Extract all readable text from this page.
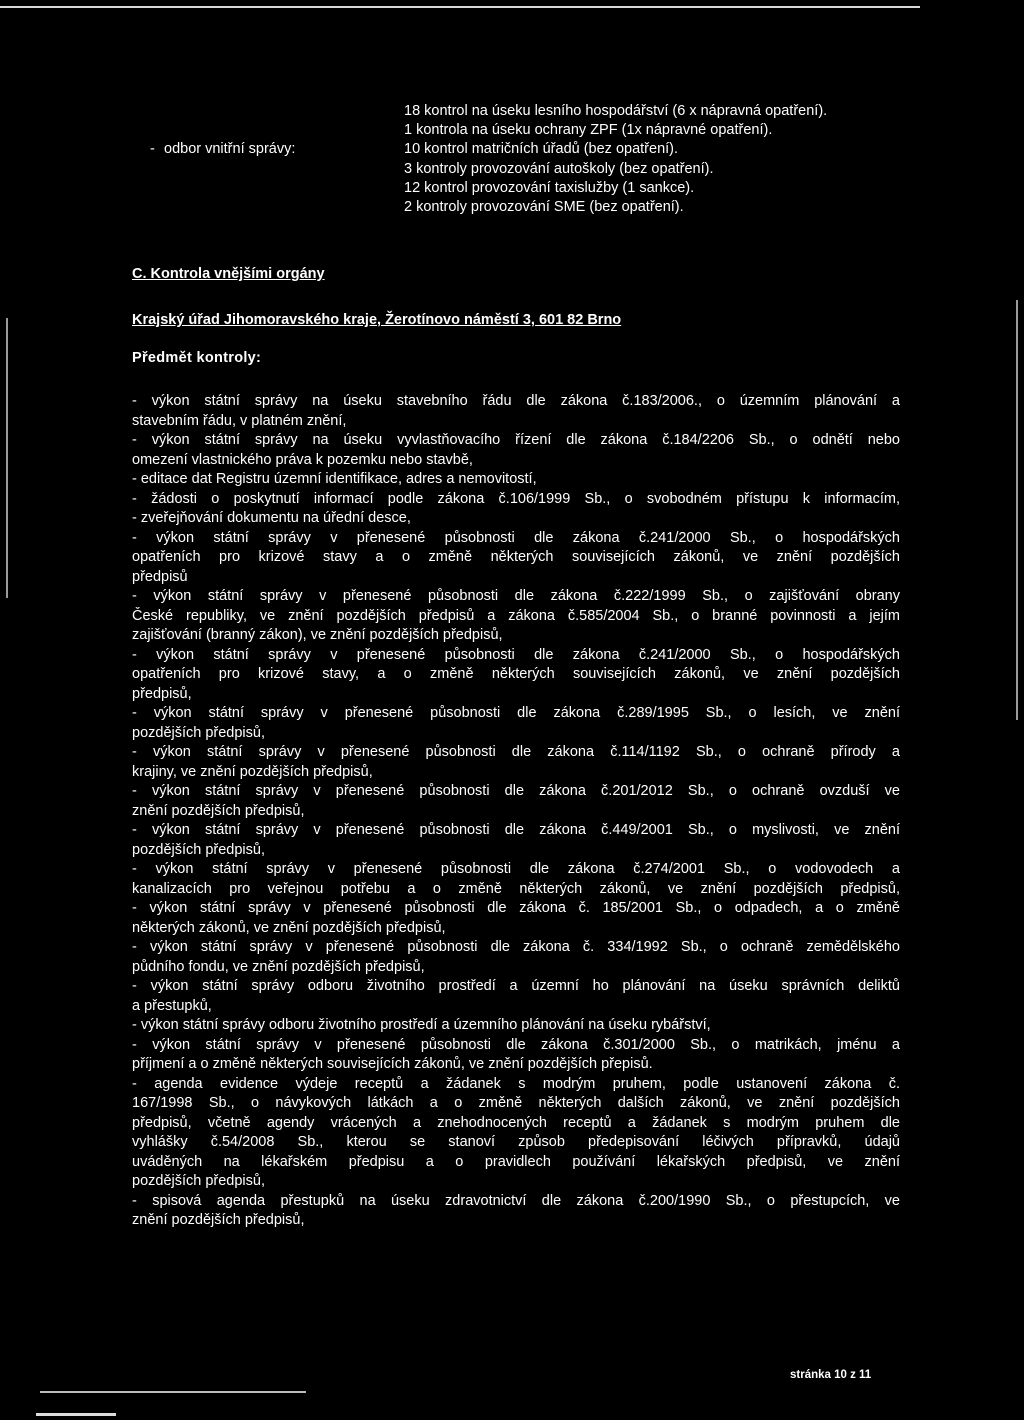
18 kontrol na úseku lesního hospodářství (6 x nápravná opatření).
1 kontrola na úseku ochrany ZPF (1x nápravné opatření).
- odbor vnitřní správy:	10 kontrol matričních úřadů (bez opatření).
3 kontroly provozování autoškoly (bez opatření).
12 kontrol provozování taxislužby (1 sankce).
2 kontroly provozování SME (bez opatření).
C. Kontrola vnějšími orgány
Krajský úřad Jihomoravského kraje, Žerotínovo náměstí 3, 601 82 Brno
Předmět kontroly:
- výkon státní správy na úseku stavebního řádu dle zákona č.183/2006., o územním plánování a
stavebním řádu, v platném znění,
- výkon státní správy na úseku vyvlastňovacího řízení dle zákona č.184/2206 Sb., o odnětí nebo
omezení vlastnického práva k pozemku nebo stavbě,
- editace dat Registru územní identifikace, adres a nemovitostí,
- žádosti o poskytnutí informací podle zákona č.106/1999 Sb., o svobodném přístupu k informacím,
- zveřejňování dokumentu na úřední desce,
- výkon státní správy v přenesené působnosti dle zákona č.241/2000 Sb., o hospodářských
opatřeních pro krizové stavy a o změně některých souvisejících zákonů, ve znění pozdějších
předpisů
- výkon státní správy v přenesené působnosti dle zákona č.222/1999 Sb., o zajišťování obrany
České republiky, ve znění pozdějších předpisů a zákona č.585/2004 Sb., o branné povinnosti a jejím
zajišťování (branný zákon), ve znění pozdějších předpisů,
- výkon státní správy v přenesené působnosti dle zákona č.241/2000 Sb., o hospodářských
opatřeních pro krizové stavy, a o změně některých souvisejících zákonů, ve znění pozdějších
předpisů,
- výkon státní správy v přenesené působnosti dle zákona č.289/1995 Sb., o lesích, ve znění
pozdějších předpisů,
- výkon státní správy v přenesené působnosti dle zákona č.114/1192 Sb., o ochraně přírody a
krajiny, ve znění pozdějších předpisů,
- výkon státní správy v přenesené působnosti dle zákona č.201/2012 Sb., o ochraně ovzduší ve
znění pozdějších předpisů,
- výkon státní správy v přenesené působnosti dle zákona č.449/2001 Sb., o myslivosti, ve znění
pozdějších předpisů,
- výkon státní správy v přenesené působnosti dle zákona č.274/2001 Sb., o vodovodech a
kanalizacích pro veřejnou potřebu a o změně některých zákonů, ve znění pozdějších předpisů,
- výkon státní správy v přenesené působnosti dle zákona č. 185/2001 Sb., o odpadech, a o změně
některých zákonů, ve znění pozdějších předpisů,
- výkon státní správy v přenesené působnosti dle zákona č. 334/1992 Sb., o ochraně zemědělského
půdního fondu, ve znění pozdějších předpisů,
- výkon státní správy odboru životního prostředí a územní ho plánování na úseku správních deliktů
a přestupků,
- výkon státní správy odboru životního prostředí a územního plánování na úseku rybářství,
- výkon státní správy v přenesené působnosti dle zákona č.301/2000 Sb., o matrikách, jménu a
příjmení a o změně některých souvisejících zákonů, ve znění pozdějších přepisů.
- agenda evidence výdeje receptů a žádanek s modrým pruhem, podle ustanovení zákona č.
167/1998 Sb., o návykových látkách a o změně některých dalších zákonů, ve znění pozdějších
předpisů, včetně agendy vrácených a znehodnocených receptů a žádanek s modrým pruhem dle
vyhlášky č.54/2008 Sb., kterou se stanoví způsob předepisování léčivých přípravků, údajů
uváděných na lékařském předpisu a o pravidlech používání lékařských předpisů, ve znění
pozdějších předpisů,
- spisová agenda přestupků na úseku zdravotnictví dle zákona č.200/1990 Sb., o přestupcích, ve
znění pozdějších předpisů,
stránka 10 z 11
